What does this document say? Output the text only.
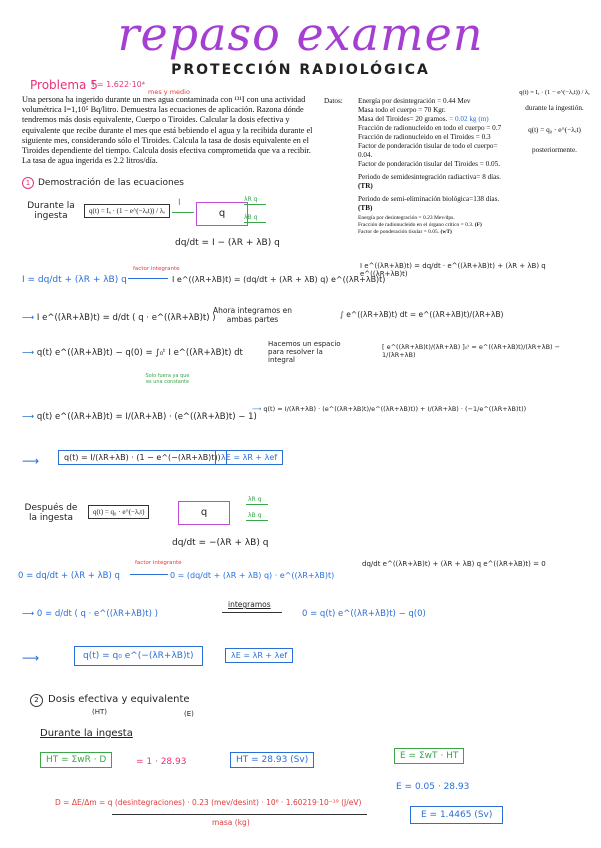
repaso examen
PROTECCIÓN RADIOLÓGICA
Problema 5
I = 1.622·10⁴
mes y medio
Una persona ha ingerido durante un mes agua contaminada con ¹³¹I con una actividad volumétrica I=1,10⁵ Bq/litro. Demuestra las ecuaciones de aplicación. Razona dónde tendremos más dosis equivalente, Cuerpo o Tiroides. Calcular la dosis efectiva y equivalente que recibe durante el mes que está bebiendo el agua y la recibida durante el siguiente mes, considerando sólo el Tiroides. Calcula la tasa de dosis equivalente en el Tiroides dependiente del tiempo. Calcula dosis efectiva comprometida que va a recibir. La tasa de agua ingerida es 2.2 litros/día.
Datos: Energía por desintegración = 0.44 Mev
Masa todo el cuerpo = 70 Kgr.
Masa del Tiroides= 20 gramos. = 0.02 kg (m)
Fracción de radionucleido en todo el cuerpo = 0.7
Fracción de radionucleido en el Tiroides = 0.3
Factor de ponderación tisular de todo el cuerpo= 0.04.
Factor de ponderación tisular del Tiroides = 0.05.
Periodo de semidesintegración radiactiva= 8 días. (TR)
Periodo de semi-eliminación biológica=138 días. (TB)
Energía por desintegración = 0.23 Mev/dps.
Fracción de radionucleido en el órgano crítico = 0.3. (F)
Factor de ponderación tisular = 0.05. (wT)
q(t) = Iₐ · (1 − e^(−λₑt)) / λₑ
durante la ingestión.
q(t) = q₀ · e^(−λₑt)
posteriormente.
1 Demostración de las ecuaciones
Durante la ingesta	q(t) = Iₐ · (1 − e^(−λₑt)) / λₑ
I
q
λR q
λB q
dq/dt = I − (λR + λB) q
I = dq/dt + (λR + λB) q
factor integrante
I e^((λR+λB)t) = (dq/dt + (λR + λB) q) e^((λR+λB)t)
I e^((λR+λB)t) = dq/dt · e^((λR+λB)t) + (λR + λB) q e^((λR+λB)t)
⟶ I e^((λR+λB)t) = d/dt ( q · e^((λR+λB)t) )
Ahora integramos en ambas partes
∫ e^((λR+λB)t) dt = e^((λR+λB)t)/(λR+λB)
⟶ q(t) e^((λR+λB)t) − q(0) = ∫₀ᵗ I e^((λR+λB)t) dt
Solo fuera ya que es una constante
Hacemos un espacio para resolver la integral
[ e^((λR+λB)t)/(λR+λB) ]₀ᵗ = e^((λR+λB)t)/(λR+λB) − 1/(λR+λB)
⟶ q(t) e^((λR+λB)t) = I/(λR+λB) · (e^((λR+λB)t) − 1)
⟶ q(t) = I/(λR+λB) · (e^((λR+λB)t)/e^((λR+λB)t)) + I/(λR+λB) · (−1/e^((λR+λB)t))
⟶	q(t) = I/(λR+λB) · (1 − e^(−(λR+λB)t)) λE = λR + λef
Después de la ingesta
q(t) = q₀ · e^(−λₑt)	q
λR q
λB q
dq/dt = −(λR + λB) q
0 = dq/dt + (λR + λB) q
factor integrante
0 = (dq/dt + (λR + λB) q) · e^((λR+λB)t)
dq/dt e^((λR+λB)t) + (λR + λB) q e^((λR+λB)t) = 0
⟶ 0 = d/dt ( q · e^((λR+λB)t) )
integramos
0 = q(t) e^((λR+λB)t) − q(0)
⟶	q(t) = q₀ e^(−(λR+λB)t)	λE = λR + λef
2 Dosis efectiva y equivalente
(HT)	(E)
Durante la ingesta
HT = ΣwR · D	= 1 · 28.93	HT = 28.93 (Sv)	E = ΣwT · HT
E = 0.05 · 28.93
E = 1.4465 (Sv)
D = ΔE/Δm = q (desintegraciones) · 0.23 (mev/desint) · 10⁶ · 1.60219·10⁻¹⁹ (J/eV)
masa (kg)
